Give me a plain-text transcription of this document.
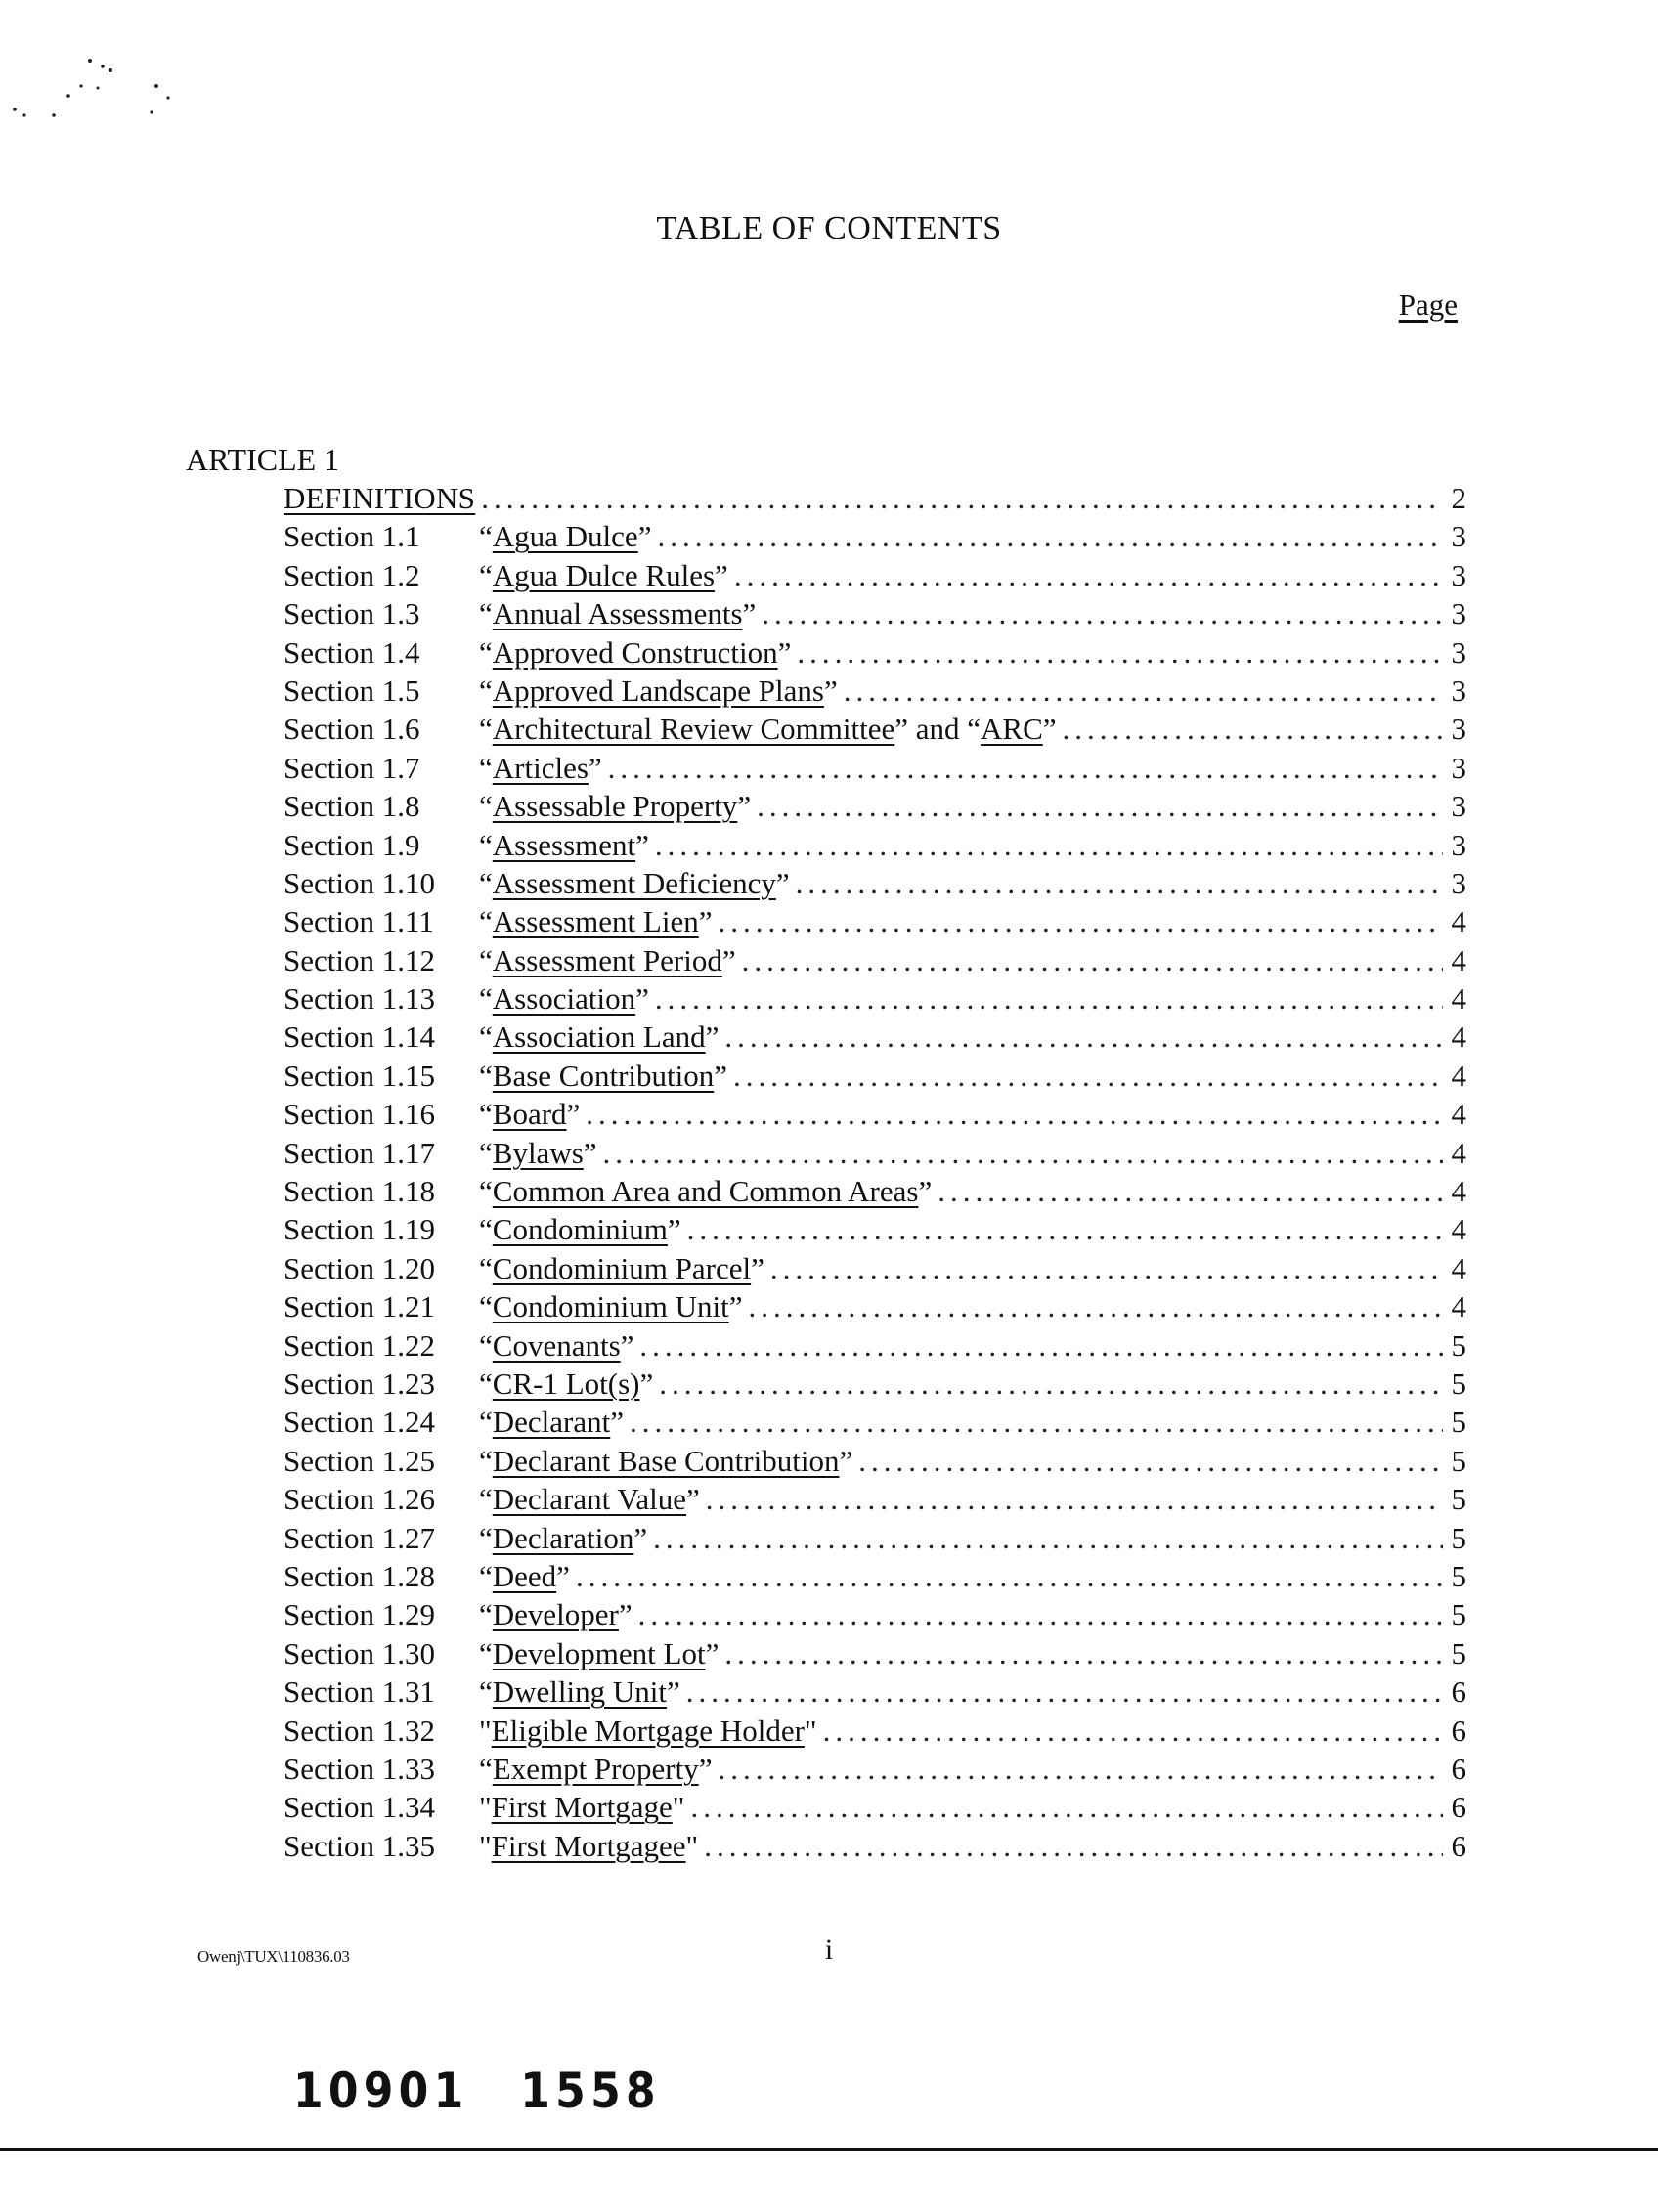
TABLE OF CONTENTS
Page
ARTICLE 1
DEFINITIONS .....	2
Section 1.1	“Agua Dulce” .....	3
Section 1.2	“Agua Dulce Rules” .....	3
Section 1.3	“Annual Assessments” .....	3
Section 1.4	“Approved Construction” .....	3
Section 1.5	“Approved Landscape Plans” .....	3
Section 1.6	“Architectural Review Committee” and “ARC” .....	3
Section 1.7	“Articles” .....	3
Section 1.8	“Assessable Property” .....	3
Section 1.9	“Assessment” .....	3
Section 1.10	“Assessment Deficiency” .....	3
Section 1.11	“Assessment Lien” .....	4
Section 1.12	“Assessment Period” .....	4
Section 1.13	“Association” .....	4
Section 1.14	“Association Land” .....	4
Section 1.15	“Base Contribution” .....	4
Section 1.16	“Board” .....	4
Section 1.17	“Bylaws” .....	4
Section 1.18	“Common Area and Common Areas” .....	4
Section 1.19	“Condominium” .....	4
Section 1.20	“Condominium Parcel” .....	4
Section 1.21	“Condominium Unit” .....	4
Section 1.22	“Covenants” .....	5
Section 1.23	“CR-1 Lot(s)” .....	5
Section 1.24	“Declarant” .....	5
Section 1.25	“Declarant Base Contribution” .....	5
Section 1.26	“Declarant Value” .....	5
Section 1.27	“Declaration” .....	5
Section 1.28	“Deed” .....	5
Section 1.29	“Developer” .....	5
Section 1.30	“Development Lot” .....	5
Section 1.31	“Dwelling Unit” .....	6
Section 1.32	"Eligible Mortgage Holder" .....	6
Section 1.33	“Exempt Property” .....	6
Section 1.34	"First Mortgage" .....	6
Section 1.35	"First Mortgagee" .....	6
Owenj\TUX\110836.03	i
10901 1558
